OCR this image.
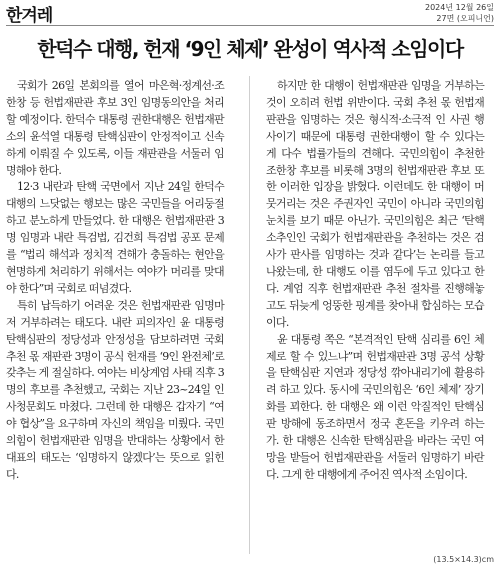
한겨레	2024년 12월 26일
27면 (오피니언)
한덕수 대행, 헌재 ‘9인 체제’ 완성이 역사적 소임이다

국회가 26일 본회의를 열어 마은혁·정계선·조한창 등 헌법재판관 후보 3인 임명동의안을 처리할 예정이다. 한덕수 대통령 권한대행은 헌법재판소의 윤석열 대통령 탄핵심판이 안정적이고 신속하게 이뤄질 수 있도록, 이들 재판관을 서둘러 임명해야 한다.

12·3 내란과 탄핵 국면에서 지난 24일 한덕수 대행의 느닷없는 행보는 많은 국민들을 어리둥절하고 분노하게 만들었다. 한 대행은 헌법재판관 3명 임명과 내란 특검법, 김건희 특검법 공포 문제를 “법리 해석과 정치적 견해가 충돌하는 현안을 현명하게 처리하기 위해서는 여야가 머리를 맞대야 한다”며 국회로 떠넘겼다.

특히 납득하기 어려운 것은 헌법재판관 임명마저 거부하려는 태도다. 내란 피의자인 윤 대통령 탄핵심판의 정당성과 안정성을 담보하려면 국회 추천 몫 재판관 3명이 공식 헌재를 ‘9인 완전체’로 갖추는 게 절실하다. 여야는 비상계엄 사태 직후 3명의 후보를 추천했고, 국회는 지난 23~24일 인사청문회도 마쳤다. 그런데 한 대행은 갑자기 “여야 협상”을 요구하며 자신의 책임을 미뤘다. 국민의힘이 헌법재판관 임명을 반대하는 상황에서 한 대표의 태도는 ‘임명하지 않겠다’는 뜻으로 읽힌다.

하지만 한 대행이 헌법재판관 임명을 거부하는 것이 오히려 헌법 위반이다. 국회 추천 몫 헌법재판관을 임명하는 것은 형식적·소극적 인 사권 행사이기 때문에 대통령 권한대행이 할 수 있다는 게 다수 법률가들의 견해다. 국민의힘이 추천한 조한창 후보를 비롯해 3명의 헌법재판관 후보 또한 이러한 입장을 밝혔다. 이런데도 한 대행이 머뭇거리는 것은 주권자인 국민이 아니라 국민의힘 눈치를 보기 때문 아닌가. 국민의힘은 최근 ‘탄핵소추인인 국회가 헌법재판관을 추천하는 것은 검사가 판사를 임명하는 것과 같다’는 논리를 들고나왔는데, 한 대행도 이를 염두에 두고 있다고 한다. 계엄 직후 헌법재판관 추천 절차를 진행해놓고도 뒤늦게 엉뚱한 핑계를 찾아내 합심하는 모습이다.

윤 대통령 쪽은 “본격적인 탄핵 심리를 6인 체제로 할 수 있느냐”며 헌법재판관 3명 공석 상황을 탄핵심판 지연과 정당성 깎아내리기에 활용하려 하고 있다. 동시에 국민의힘은 ‘6인 체제’ 장기화를 꾀한다. 한 대행은 왜 이런 악질적인 탄핵심판 방해에 동조하면서 정국 혼돈을 키우려 하는가. 한 대행은 신속한 탄핵심판을 바라는 국민 여망을 받들어 헌법재판관을 서둘러 임명하기 바란다. 그게 한 대행에게 주어진 역사적 소임이다.

(13.5×14.3)cm
